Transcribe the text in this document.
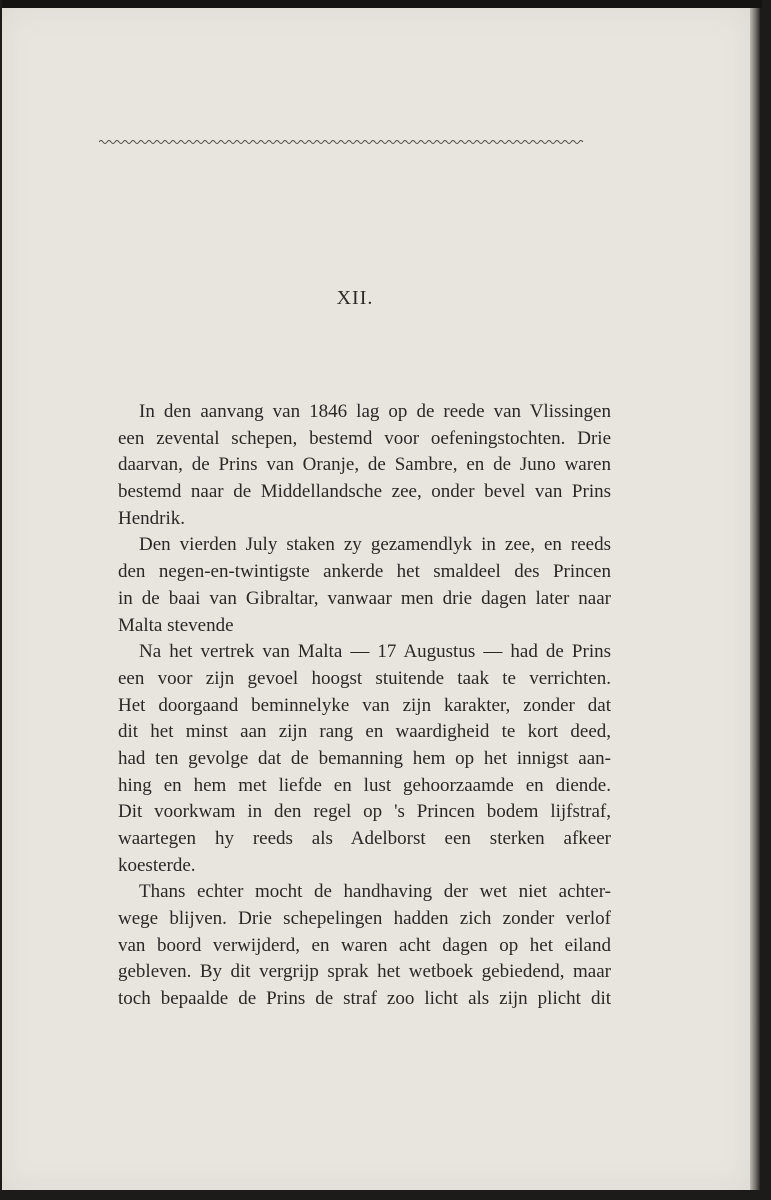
XII.
In den aanvang van 1846 lag op de reede van Vlissingen
een zevental schepen, bestemd voor oefeningstochten. Drie
daarvan, de Prins van Oranje, de Sambre, en de Juno waren
bestemd naar de Middellandsche zee, onder bevel van Prins
Hendrik.
Den vierden July staken zy gezamendlyk in zee, en reeds
den negen-en-twintigste ankerde het smaldeel des Princen
in de baai van Gibraltar, vanwaar men drie dagen later naar
Malta stevende
Na het vertrek van Malta — 17 Augustus — had de Prins
een voor zijn gevoel hoogst stuitende taak te verrichten.
Het doorgaand beminnelyke van zijn karakter, zonder dat
dit het minst aan zijn rang en waardigheid te kort deed,
had ten gevolge dat de bemanning hem op het innigst aan-
hing en hem met liefde en lust gehoorzaamde en diende.
Dit voorkwam in den regel op 's Princen bodem lijfstraf,
waartegen hy reeds als Adelborst een sterken afkeer
koesterde.
Thans echter mocht de handhaving der wet niet achter-
wege blijven. Drie schepelingen hadden zich zonder verlof
van boord verwijderd, en waren acht dagen op het eiland
gebleven. By dit vergrijp sprak het wetboek gebiedend, maar
toch bepaalde de Prins de straf zoo licht als zijn plicht dit
